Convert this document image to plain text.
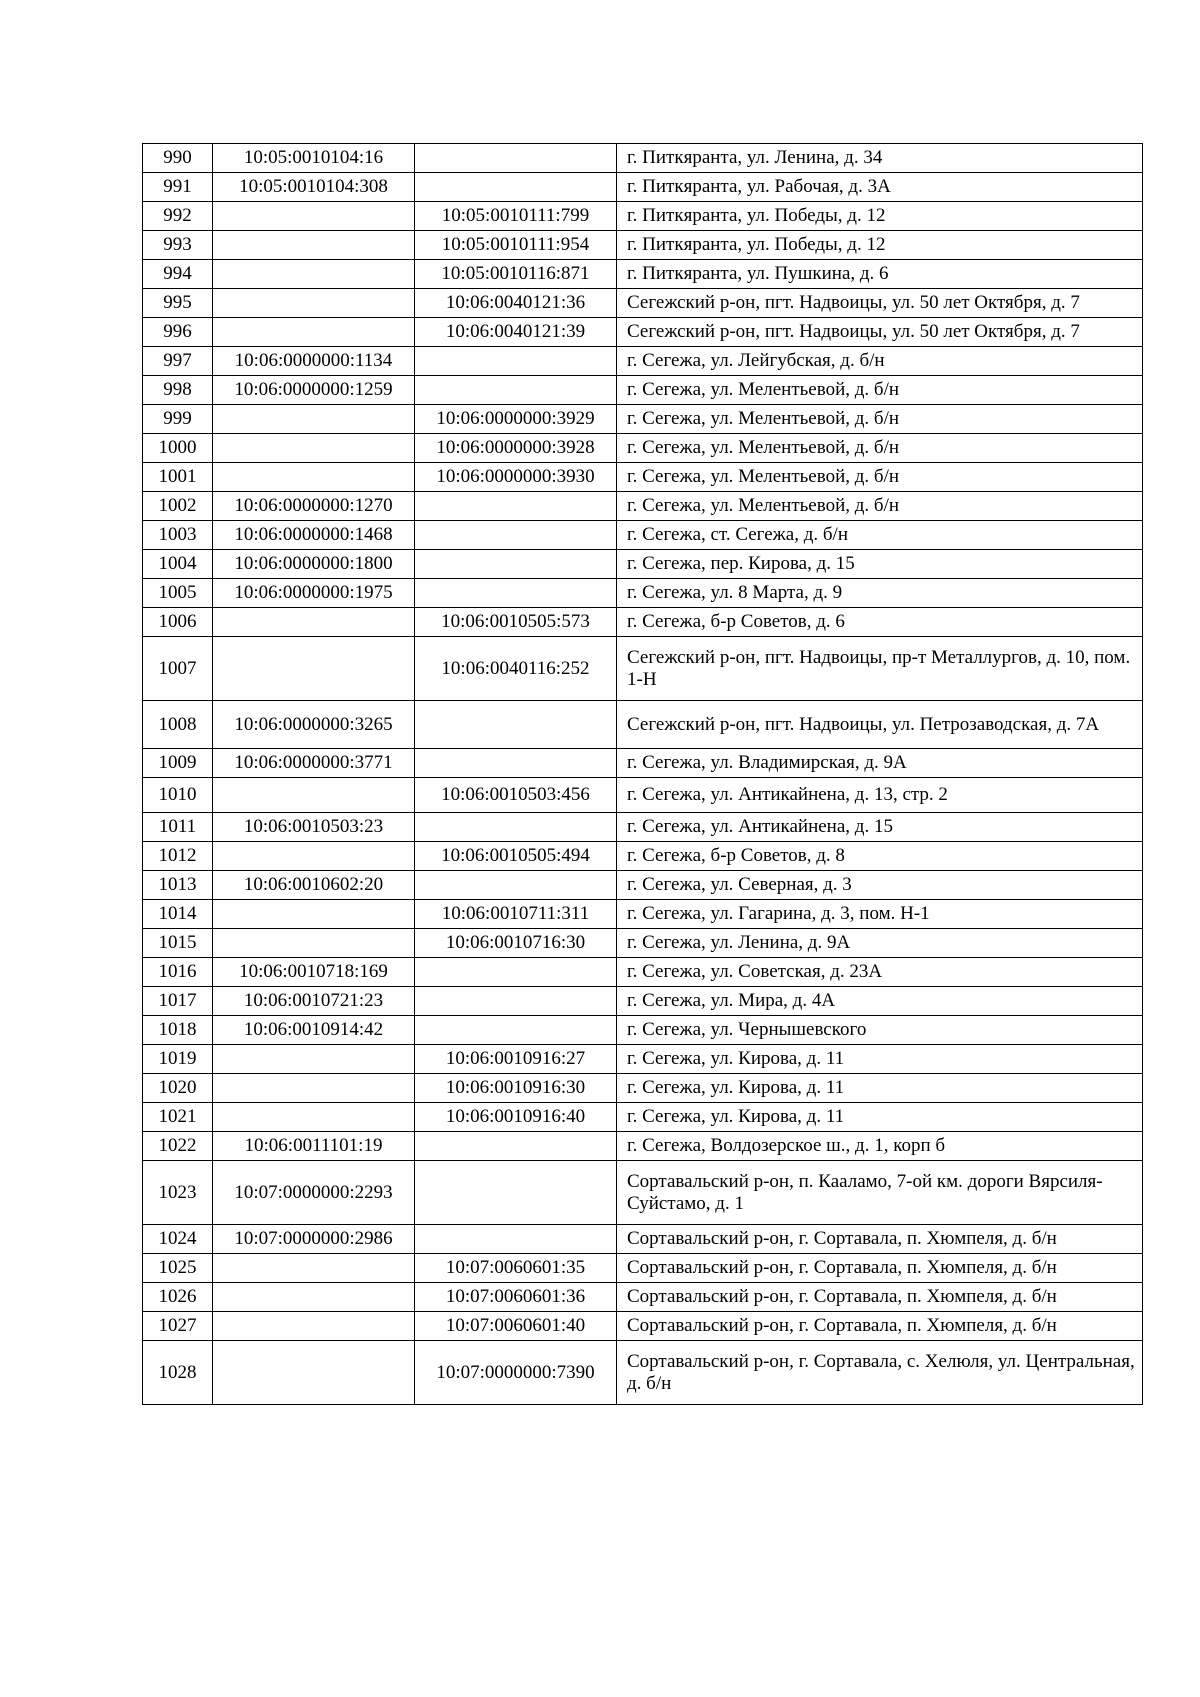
990	10:05:0010104:16		г. Питкяранта, ул. Ленина, д. 34
991	10:05:0010104:308		г. Питкяранта, ул. Рабочая, д. 3А
992		10:05:0010111:799	г. Питкяранта, ул. Победы, д. 12
993		10:05:0010111:954	г. Питкяранта, ул. Победы, д. 12
994		10:05:0010116:871	г. Питкяранта, ул. Пушкина, д. 6
995		10:06:0040121:36	Сегежский р-он, пгт. Надвоицы, ул. 50 лет Октября, д. 7
996		10:06:0040121:39	Сегежский р-он, пгт. Надвоицы, ул. 50 лет Октября, д. 7
997	10:06:0000000:1134		г. Сегежа, ул. Лейгубская, д. б/н
998	10:06:0000000:1259		г. Сегежа, ул. Мелентьевой, д. б/н
999		10:06:0000000:3929	г. Сегежа, ул. Мелентьевой, д. б/н
1000		10:06:0000000:3928	г. Сегежа, ул. Мелентьевой, д. б/н
1001		10:06:0000000:3930	г. Сегежа, ул. Мелентьевой, д. б/н
1002	10:06:0000000:1270		г. Сегежа, ул. Мелентьевой, д. б/н
1003	10:06:0000000:1468		г. Сегежа, ст. Сегежа, д. б/н
1004	10:06:0000000:1800		г. Сегежа, пер. Кирова, д. 15
1005	10:06:0000000:1975		г. Сегежа, ул. 8 Марта, д. 9
1006		10:06:0010505:573	г. Сегежа, б-р Советов, д. 6
1007		10:06:0040116:252	Сегежский р-он, пгт. Надвоицы, пр-т Металлургов, д. 10, пом. 1-Н
1008	10:06:0000000:3265		Сегежский р-он, пгт. Надвоицы, ул. Петрозаводская, д. 7А
1009	10:06:0000000:3771		г. Сегежа, ул. Владимирская, д. 9А
1010		10:06:0010503:456	г. Сегежа, ул. Антикайнена, д. 13, стр. 2
1011	10:06:0010503:23		г. Сегежа, ул. Антикайнена, д. 15
1012		10:06:0010505:494	г. Сегежа, б-р Советов, д. 8
1013	10:06:0010602:20		г. Сегежа, ул. Северная, д. 3
1014		10:06:0010711:311	г. Сегежа, ул. Гагарина, д. 3, пом. Н-1
1015		10:06:0010716:30	г. Сегежа, ул. Ленина, д. 9А
1016	10:06:0010718:169		г. Сегежа, ул. Советская, д. 23А
1017	10:06:0010721:23		г. Сегежа, ул. Мира, д. 4А
1018	10:06:0010914:42		г. Сегежа, ул. Чернышевского
1019		10:06:0010916:27	г. Сегежа, ул. Кирова, д. 11
1020		10:06:0010916:30	г. Сегежа, ул. Кирова, д. 11
1021		10:06:0010916:40	г. Сегежа, ул. Кирова, д. 11
1022	10:06:0011101:19		г. Сегежа, Волдозерское ш., д. 1, корп б
1023	10:07:0000000:2293		Сортавальский р-он, п. Кааламо, 7-ой км. дороги Вярсиля-Суйстамо, д. 1
1024	10:07:0000000:2986		Сортавальский р-он, г. Сортавала, п. Хюмпеля, д. б/н
1025		10:07:0060601:35	Сортавальский р-он, г. Сортавала, п. Хюмпеля, д. б/н
1026		10:07:0060601:36	Сортавальский р-он, г. Сортавала, п. Хюмпеля, д. б/н
1027		10:07:0060601:40	Сортавальский р-он, г. Сортавала, п. Хюмпеля, д. б/н
1028		10:07:0000000:7390	Сортавальский р-он, г. Сортавала, с. Хелюля, ул. Центральная, д. б/н
